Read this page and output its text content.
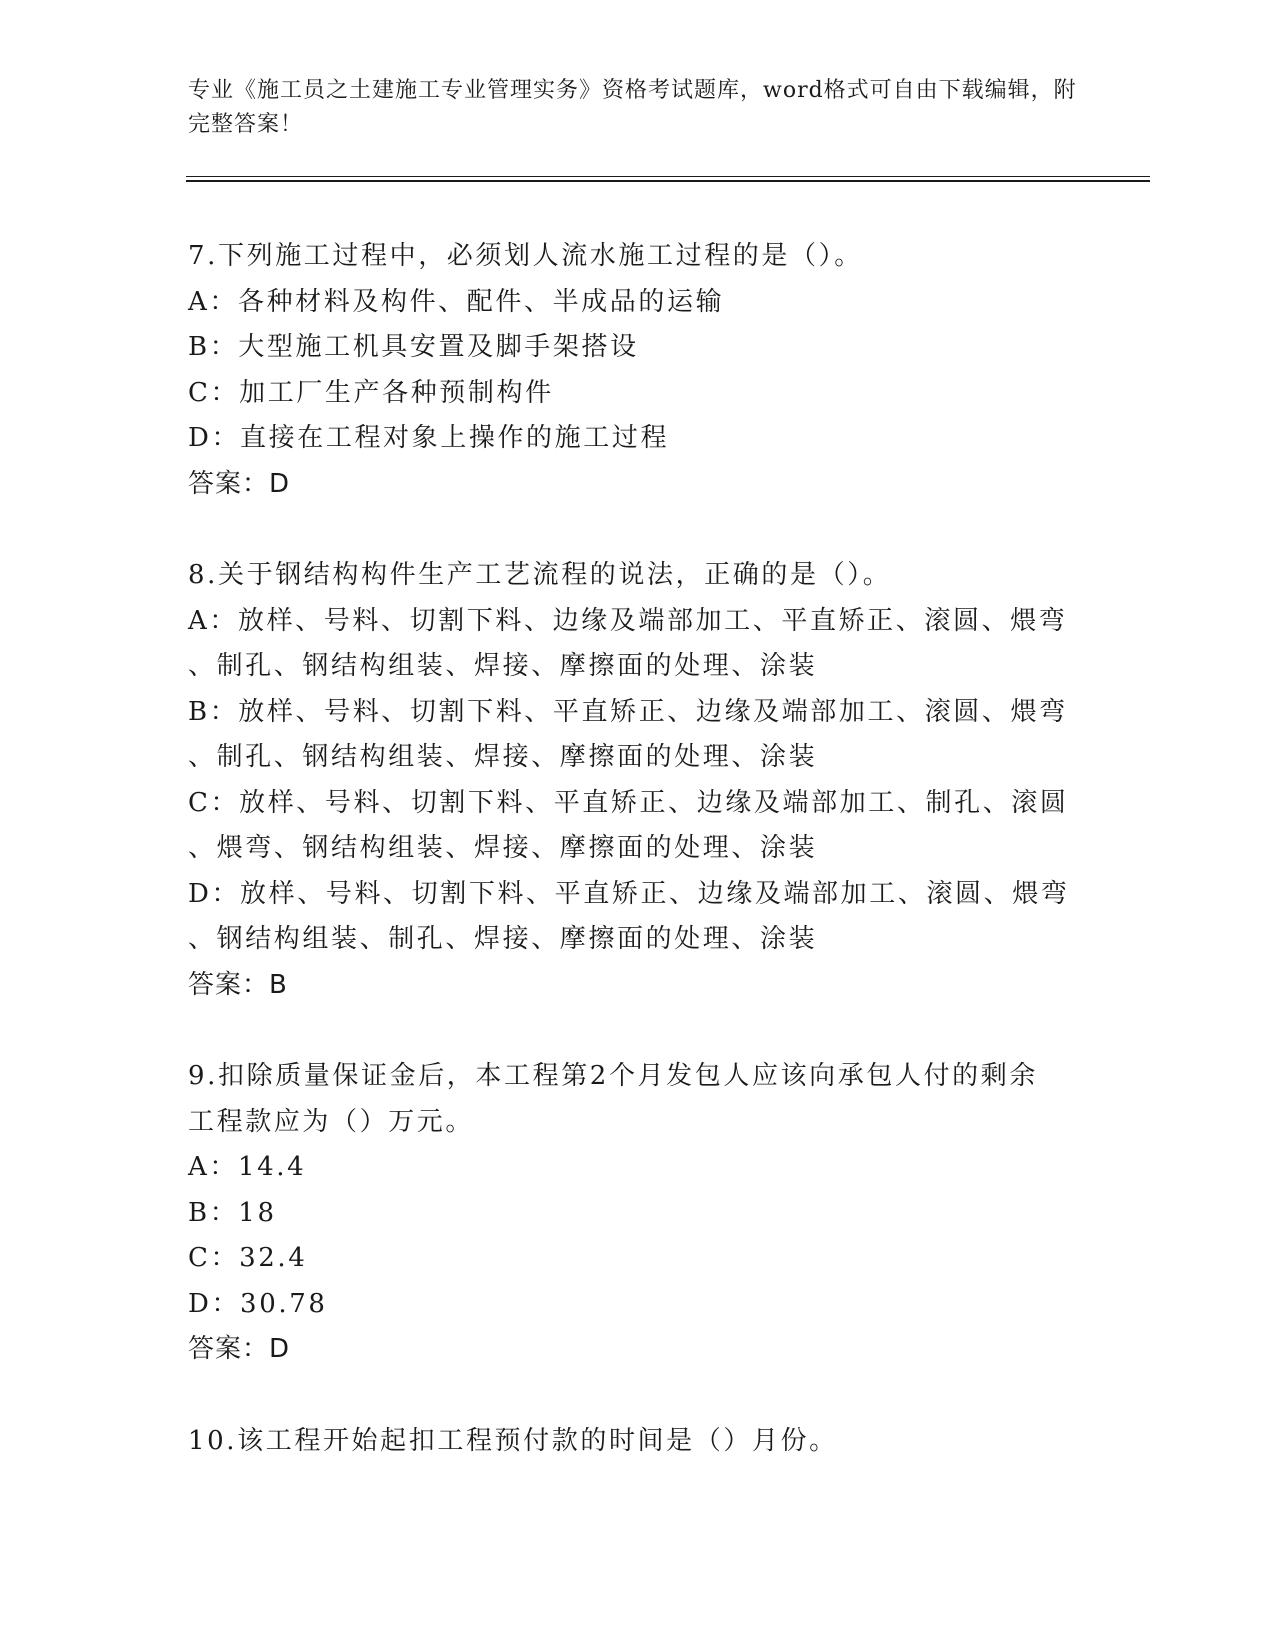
专业《施工员之土建施工专业管理实务》资格考试题库，word格式可自由下载编辑，附完整答案！
7.下列施工过程中，必须划人流水施工过程的是（）。
A：各种材料及构件、配件、半成品的运输
B：大型施工机具安置及脚手架搭设
C：加工厂生产各种预制构件
D：直接在工程对象上操作的施工过程
答案：D
8.关于钢结构构件生产工艺流程的说法，正确的是（）。
A：放样、号料、切割下料、边缘及端部加工、平直矫正、滚圆、煨弯
、制孔、钢结构组装、焊接、摩擦面的处理、涂装
B：放样、号料、切割下料、平直矫正、边缘及端部加工、滚圆、煨弯
、制孔、钢结构组装、焊接、摩擦面的处理、涂装
C：放样、号料、切割下料、平直矫正、边缘及端部加工、制孔、滚圆
、煨弯、钢结构组装、焊接、摩擦面的处理、涂装
D：放样、号料、切割下料、平直矫正、边缘及端部加工、滚圆、煨弯
、钢结构组装、制孔、焊接、摩擦面的处理、涂装
答案：B
9.扣除质量保证金后，本工程第2个月发包人应该向承包人付的剩余
工程款应为（）万元。
A：14.4
B：18
C：32.4
D：30.78
答案：D
10.该工程开始起扣工程预付款的时间是（）月份。
